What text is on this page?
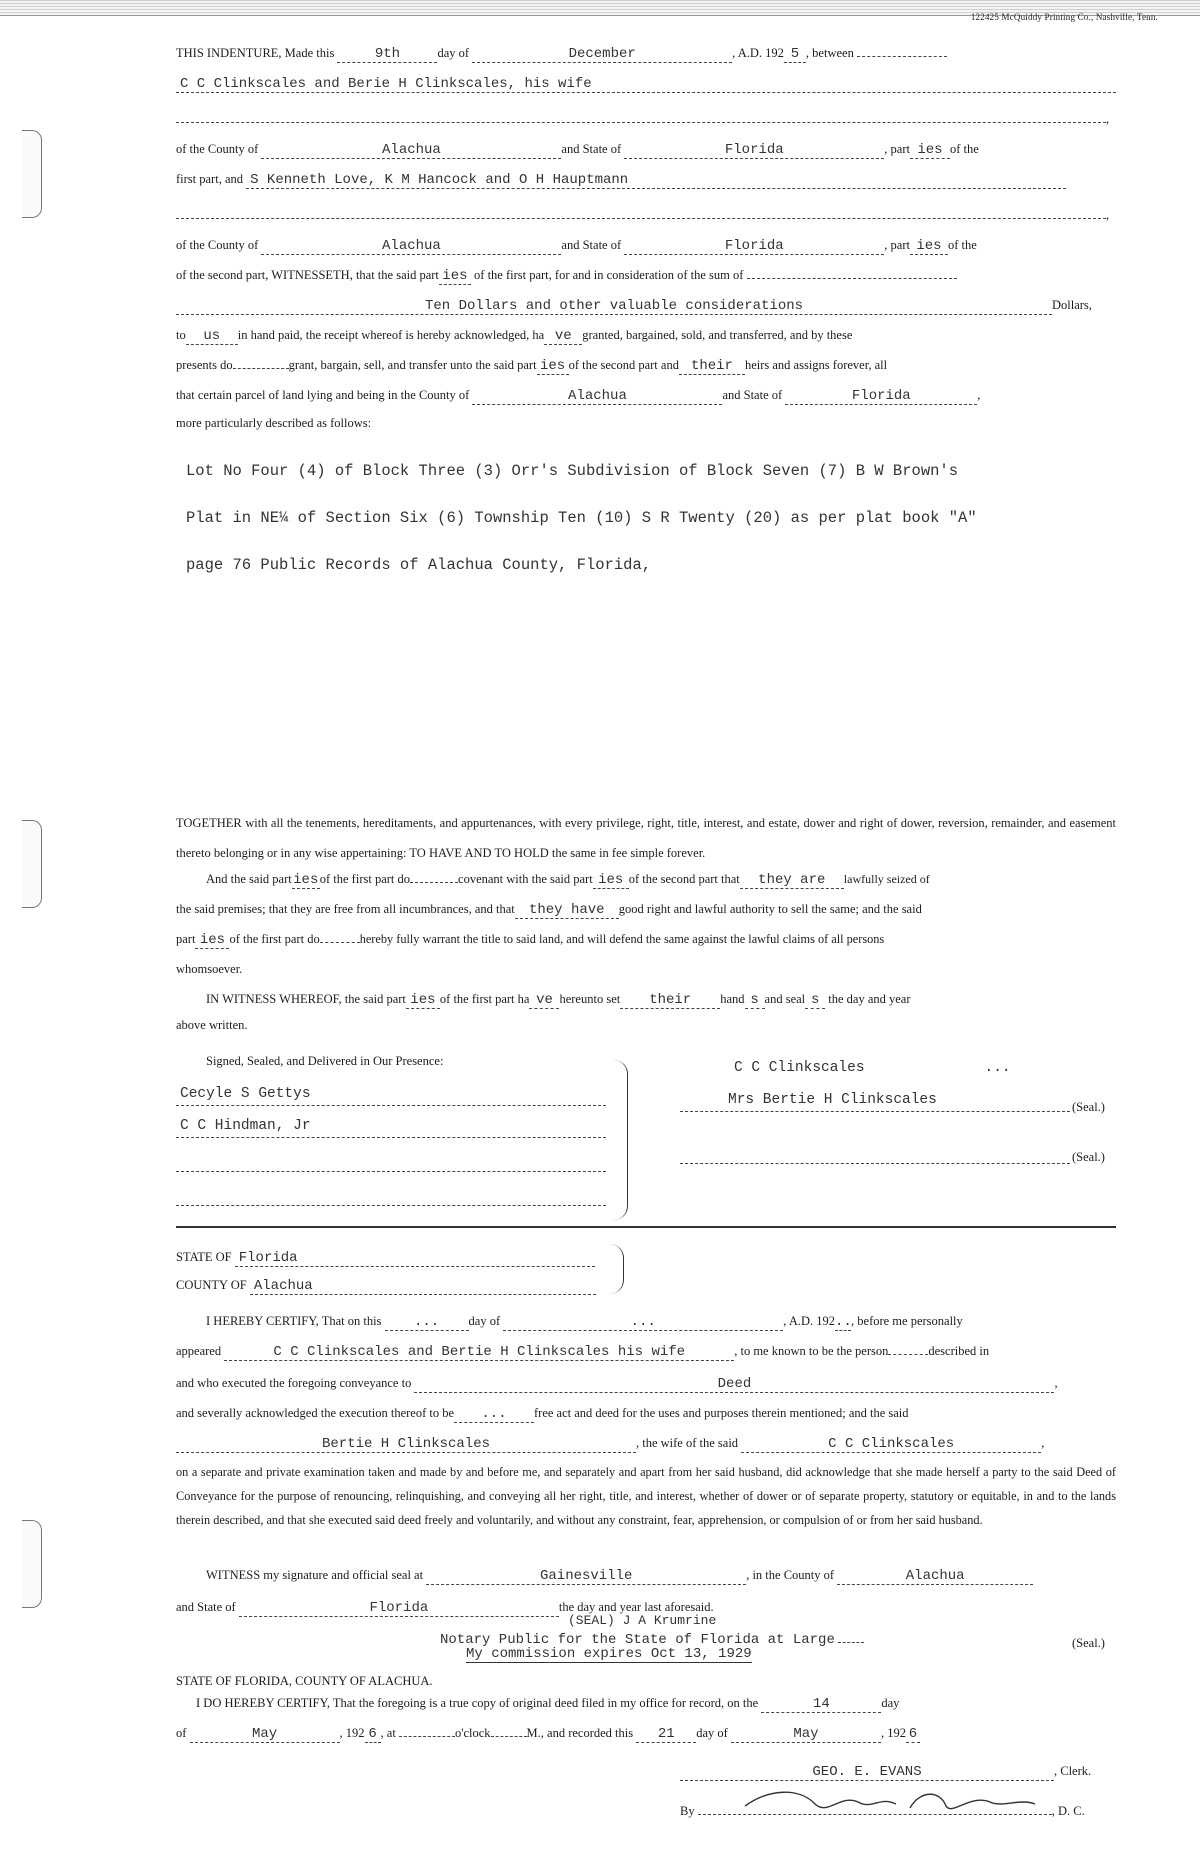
122425 McQuiddy Printing Co., Nashville, Tenn.
THIS INDENTURE, Made this	9th	day of	December	, A.D. 192 5 , between
C C Clinkscales and Berie H Clinkscales, his wife
,
of the County of	Alachua	and State of	Florida	, part ies of the
first part, and S Kenneth Love, K M Hancock and O H Hauptmann
,
of the County of	Alachua	and State of	Florida	, part ies of the
of the second part, WITNESSETH, that the said part ies of the first part, for and in consideration of the sum of
Ten Dollars and other valuable considerations	Dollars,
to us in hand paid, the receipt whereof is hereby acknowledged, ha ve granted, bargained, sold, and transferred, and by these
presents do	grant, bargain, sell, and transfer unto the said part ies of the second part and their heirs and assigns forever, all
that certain parcel of land lying and being in the County of	Alachua	and State of	Florida	,
more particularly described as follows:
Lot No Four (4) of Block Three (3) Orr's Subdivision of Block Seven (7) B W Brown's
Plat in NE¼ of Section Six (6) Township Ten (10) S R Twenty (20) as per plat book "A"
page 76 Public Records of Alachua County, Florida,
TOGETHER with all the tenements, hereditaments, and appurtenances, with every privilege, right, title, interest, and estate, dower and right of dower, reversion, remainder, and easement thereto belonging or in any wise appertaining: TO HAVE AND TO HOLD the same in fee simple forever.
And the said partiesof the first part do	covenant with the said part ies of the second part that they are lawfully seized of
the said premises; that they are free from all incumbrances, and that they have good right and lawful authority to sell the same; and the said
part ies of the first part do	hereby fully warrant the title to said land, and will defend the same against the lawful claims of all persons
whomsoever.
IN WITNESS WHEREOF, the said part ies of the first part ha ve hereunto set their hand s and seal s the day and year
above written.
Signed, Sealed, and Delivered in Our Presence:
Cecyle S Gettys
C C Hindman, Jr
C C Clinkscales	...
Mrs Bertie H Clinkscales	(Seal.)
(Seal.)
STATE OF Florida
COUNTY OF Alachua
I HEREBY CERTIFY, That on this ... day of	...	, A.D. 192.., before me personally
appeared	C C Clinkscales and Bertie H Clinkscales his wife	, to me known to be the person	described in
and who executed the foregoing conveyance to	Deed	,
and severally acknowledged the execution thereof to be ... free act and deed for the uses and purposes therein mentioned; and the said
Bertie H Clinkscales	, the wife of the said	C C Clinkscales	,
on a separate and private examination taken and made by and before me, and separately and apart from her said husband, did acknowledge that she made herself a party to the said Deed of Conveyance for the purpose of renouncing, relinquishing, and conveying all her right, title, and interest, whether of dower or of separate property, statutory or equitable, in and to the lands therein described, and that she executed said deed freely and voluntarily, and without any constraint, fear, apprehension, or compulsion of or from her said husband.
WITNESS my signature and official seal at	Gainesville	, in the County of	Alachua
and State of	Florida	the day and year last aforesaid.
(SEAL) J A Krumrine
Notary Public for the State of Florida at Large	(Seal.)
My commission expires Oct 13, 1929
STATE OF FLORIDA, COUNTY OF ALACHUA.
I DO HEREBY CERTIFY, That the foregoing is a true copy of original deed filed in my office for record, on the	14	day
of	May	, 192 6 , at	o'clock	M., and recorded this 21 day of	May	, 192 6
GEO. E. EVANS	, Clerk.
By	, D. C.
